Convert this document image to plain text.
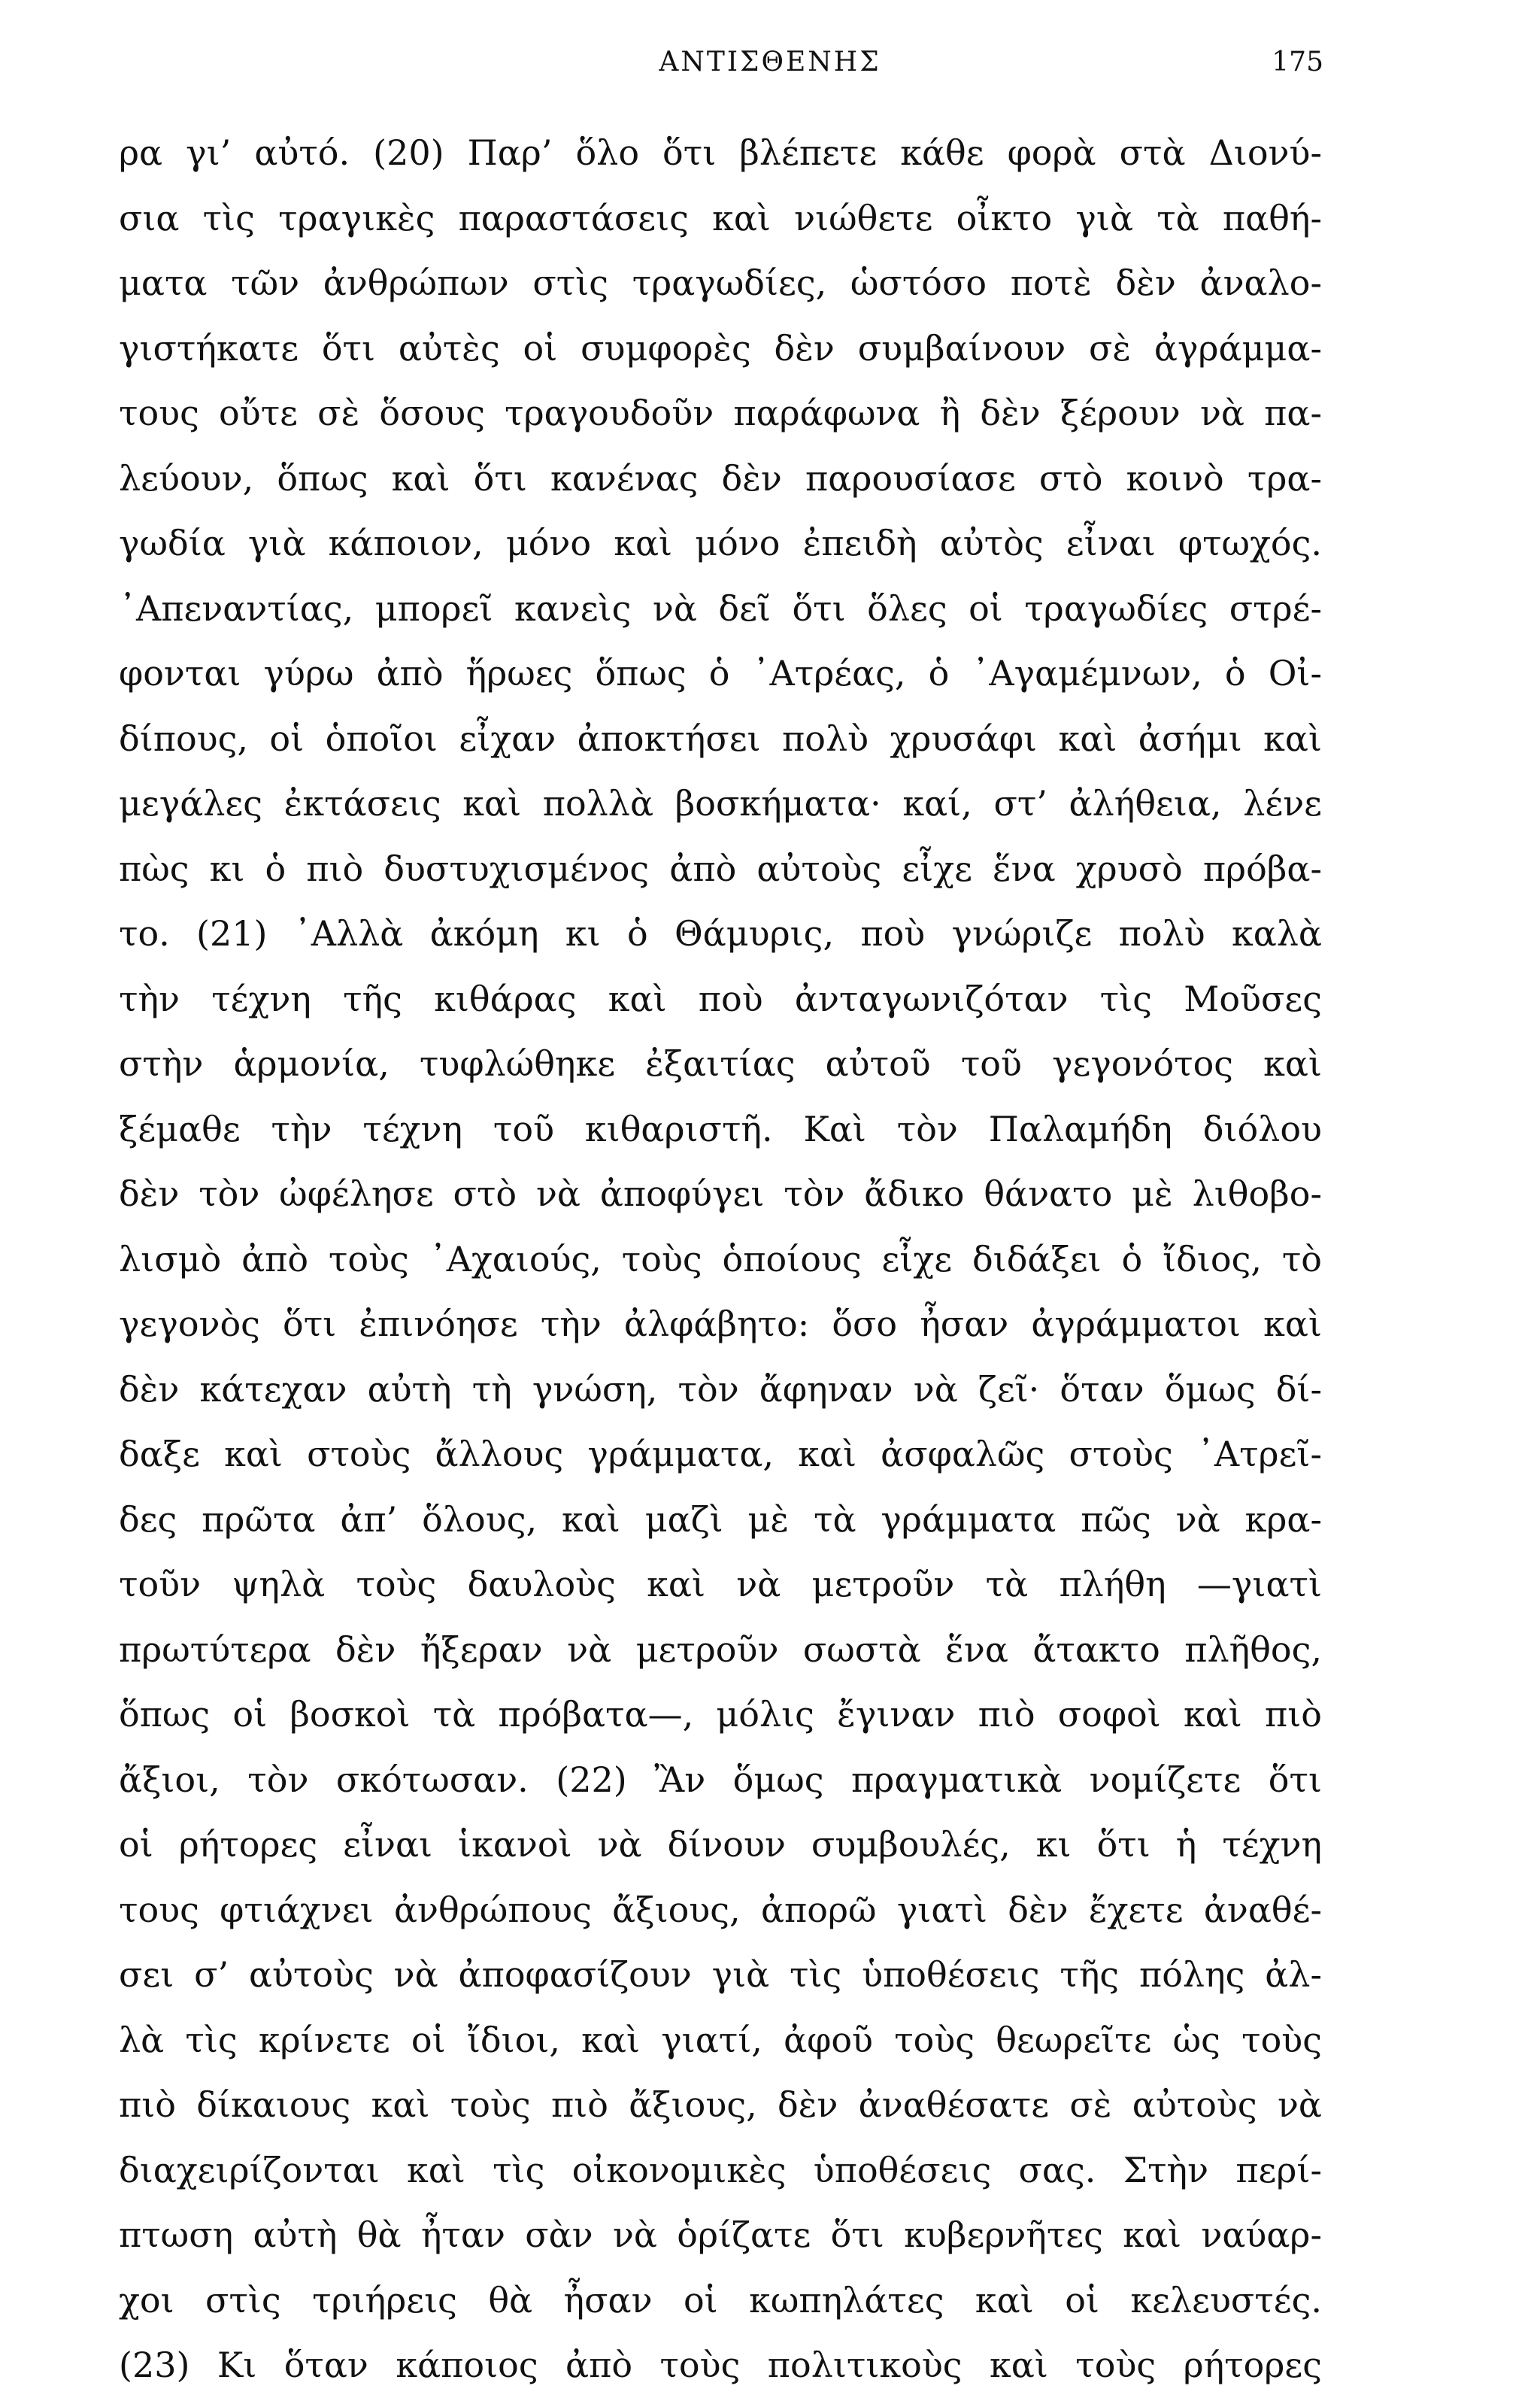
ΑΝΤΙΣΘΕΝΗΣ	175
ρα γι’ αὐτό. (20) Παρ’ ὅλο ὅτι βλέπετε κάθε φορὰ στὰ Διονύ-
σια τὶς τραγικὲς παραστάσεις καὶ νιώθετε οἶκτο γιὰ τὰ παθή-
ματα τῶν ἀνθρώπων στὶς τραγωδίες, ὡστόσο ποτὲ δὲν ἀναλο-
γιστήκατε ὅτι αὐτὲς οἱ συμφορὲς δὲν συμβαίνουν σὲ ἀγράμμα-
τους οὔτε σὲ ὅσους τραγουδοῦν παράφωνα ἢ δὲν ξέρουν νὰ πα-
λεύουν, ὅπως καὶ ὅτι κανένας δὲν παρουσίασε στὸ κοινὸ τρα-
γωδία γιὰ κάποιον, μόνο καὶ μόνο ἐπειδὴ αὐτὸς εἶναι φτωχός.
᾿Απεναντίας, μπορεῖ κανεὶς νὰ δεῖ ὅτι ὅλες οἱ τραγωδίες στρέ-
φονται γύρω ἀπὸ ἥρωες ὅπως ὁ ᾿Ατρέας, ὁ ᾿Αγαμέμνων, ὁ Οἰ-
δίπους, οἱ ὁποῖοι εἶχαν ἀποκτήσει πολὺ χρυσάφι καὶ ἀσήμι καὶ
μεγάλες ἐκτάσεις καὶ πολλὰ βοσκήματα· καί, στ’ ἀλήθεια, λένε
πὼς κι ὁ πιὸ δυστυχισμένος ἀπὸ αὐτοὺς εἶχε ἕνα χρυσὸ πρόβα-
το. (21) ᾿Αλλὰ ἀκόμη κι ὁ Θάμυρις, ποὺ γνώριζε πολὺ καλὰ
τὴν τέχνη τῆς κιθάρας καὶ ποὺ ἀνταγωνιζόταν τὶς Μοῦσες
στὴν ἁρμονία, τυφλώθηκε ἐξαιτίας αὐτοῦ τοῦ γεγονότος καὶ
ξέμαθε τὴν τέχνη τοῦ κιθαριστῆ. Καὶ τὸν Παλαμήδη διόλου
δὲν τὸν ὠφέλησε στὸ νὰ ἀποφύγει τὸν ἄδικο θάνατο μὲ λιθοβο-
λισμὸ ἀπὸ τοὺς ᾿Αχαιούς, τοὺς ὁποίους εἶχε διδάξει ὁ ἴδιος, τὸ
γεγονὸς ὅτι ἐπινόησε τὴν ἀλφάβητο: ὅσο ἦσαν ἀγράμματοι καὶ
δὲν κάτεχαν αὐτὴ τὴ γνώση, τὸν ἄφηναν νὰ ζεῖ· ὅταν ὅμως δί-
δαξε καὶ στοὺς ἄλλους γράμματα, καὶ ἀσφαλῶς στοὺς ᾿Ατρεῖ-
δες πρῶτα ἀπ’ ὅλους, καὶ μαζὶ μὲ τὰ γράμματα πῶς νὰ κρα-
τοῦν ψηλὰ τοὺς δαυλοὺς καὶ νὰ μετροῦν τὰ πλήθη —γιατὶ
πρωτύτερα δὲν ἤξεραν νὰ μετροῦν σωστὰ ἕνα ἄτακτο πλῆθος,
ὅπως οἱ βοσκοὶ τὰ πρόβατα—, μόλις ἔγιναν πιὸ σοφοὶ καὶ πιὸ
ἄξιοι, τὸν σκότωσαν. (22) Ἂν ὅμως πραγματικὰ νομίζετε ὅτι
οἱ ρήτορες εἶναι ἱκανοὶ νὰ δίνουν συμβουλές, κι ὅτι ἡ τέχνη
τους φτιάχνει ἀνθρώπους ἄξιους, ἀπορῶ γιατὶ δὲν ἔχετε ἀναθέ-
σει σ’ αὐτοὺς νὰ ἀποφασίζουν γιὰ τὶς ὑποθέσεις τῆς πόλης ἀλ-
λὰ τὶς κρίνετε οἱ ἴδιοι, καὶ γιατί, ἀφοῦ τοὺς θεωρεῖτε ὡς τοὺς
πιὸ δίκαιους καὶ τοὺς πιὸ ἄξιους, δὲν ἀναθέσατε σὲ αὐτοὺς νὰ
διαχειρίζονται καὶ τὶς οἰκονομικὲς ὑποθέσεις σας. Στὴν περί-
πτωση αὐτὴ θὰ ἦταν σὰν νὰ ὁρίζατε ὅτι κυβερνῆτες καὶ ναύαρ-
χοι στὶς τριήρεις θὰ ἦσαν οἱ κωπηλάτες καὶ οἱ κελευστές.
(23) Κι ὅταν κάποιος ἀπὸ τοὺς πολιτικοὺς καὶ τοὺς ρήτορες
